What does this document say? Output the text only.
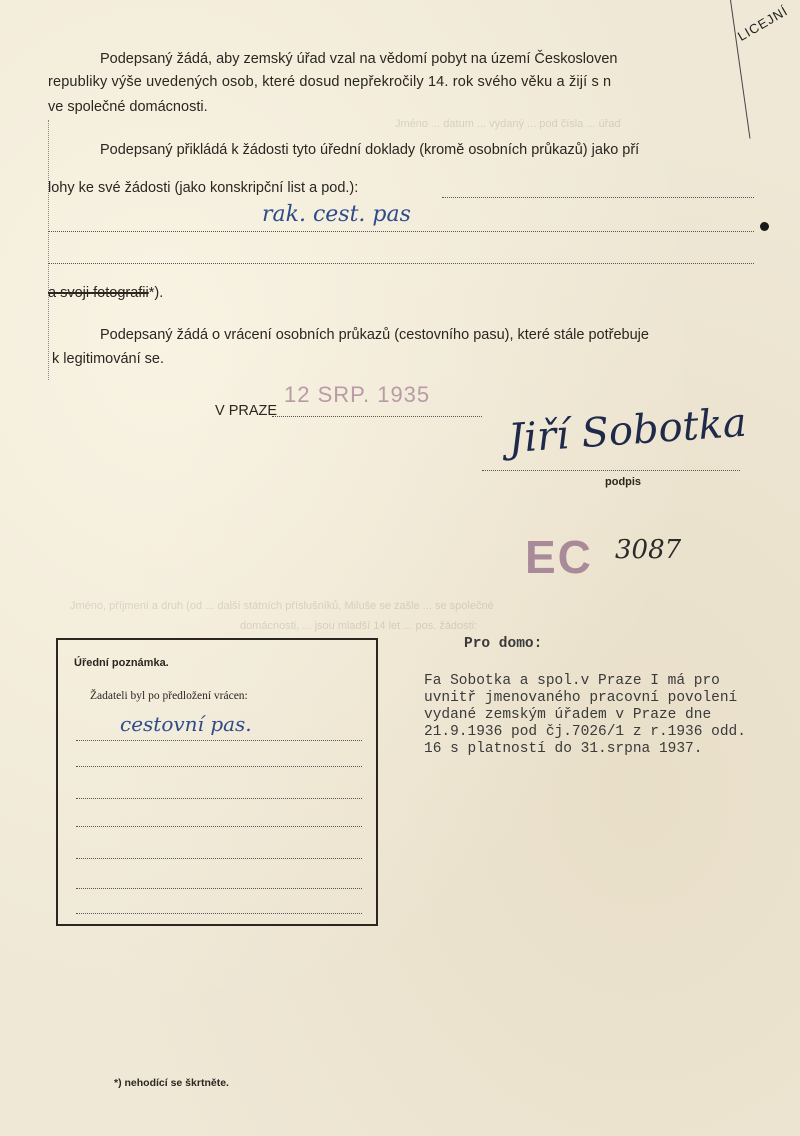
Jméno ... datum ... vydaný ... pod čísla ... úřad
Jméno, příjmení a druh (od ... další státních příslušníků, Miluše se zašle ... se společné
domácnosti, ... jsou mladší 14 let ... pos. žádosti:
LICEJNÍ
Podepsaný žádá, aby zemský úřad vzal na vědomí pobyt na území Českosloven
republiky výše uvedených osob, které dosud nepřekročily 14. rok svého věku a žijí s n
ve společné domácnosti.
Podepsaný přikládá k žádosti tyto úřední doklady (kromě osobních průkazů) jako pří
lohy ke své žádosti (jako konskripční list a pod.):
rak. cest. pas
a svoji fotografii*).
Podepsaný žádá o vrácení osobních průkazů (cestovního pasu), které stále potřebuje
k legitimování se.
V PRAZE
12 SRP. 1935
Jiří Sobotka
podpis
EC 3087
Úřední poznámka.
Žadateli byl po předložení vrácen:
cestovní pas.
Pro domo:
Fa Sobotka a spol.v Praze I má pro
uvnitř jmenovaného pracovní povolení
vydané zemským úřadem v Praze dne
21.9.1936 pod čj.7026/1 z r.1936 odd.
16 s platností do 31.srpna 1937.
*) nehodící se škrtněte.
